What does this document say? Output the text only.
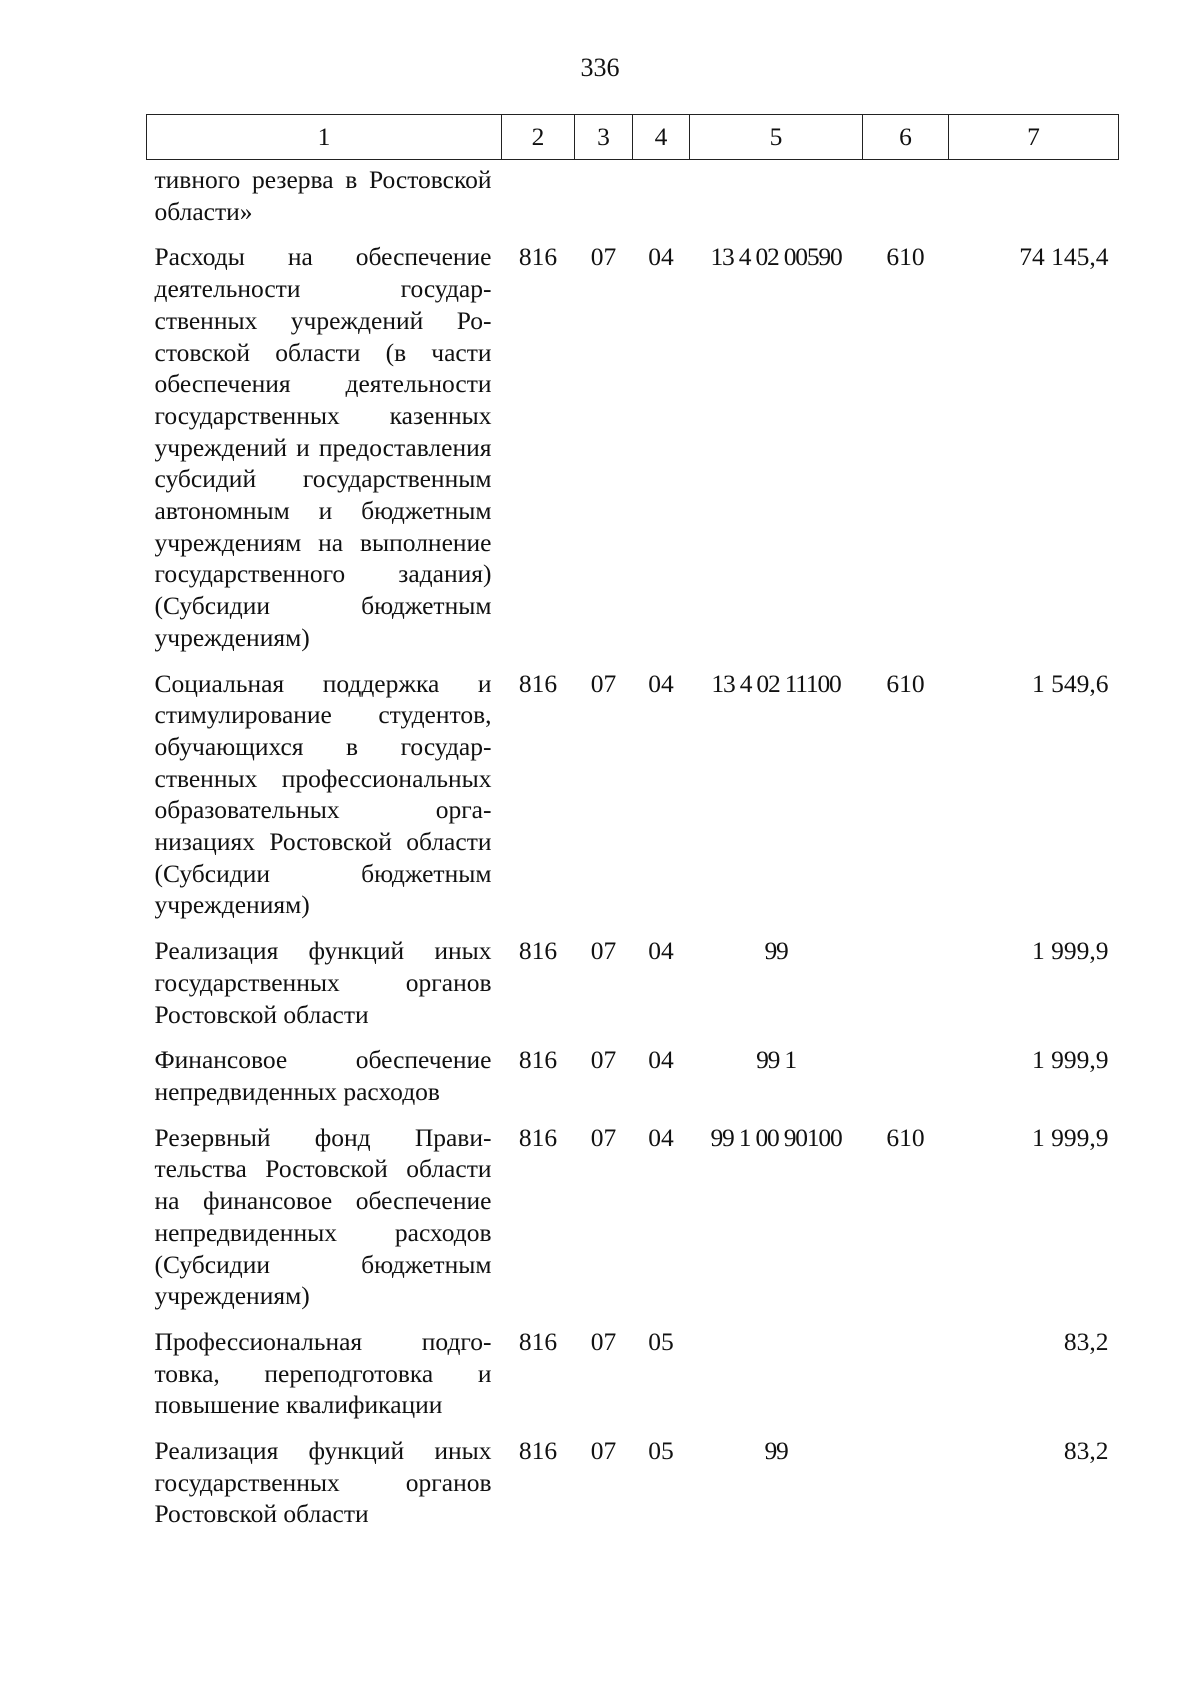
336
1	2	3	4	5	6	7
тивного резерва в Ростовской области»						
Расходы на обеспечение деятельности государственных учреждений Ростовской области (в части обеспечения деятельности государственных казенных учреждений и предоставления субсидий государственным автономным и бюджетным учреждениям на выполнение государственного задания) (Субсидии бюджетным учреждениям)	816	07	04	13 4 02 00590	610	74 145,4
Социальная поддержка и стимулирование студентов, обучающихся в государственных профессиональных образовательных организациях Ростовской области (Субсидии бюджетным учреждениям)	816	07	04	13 4 02 11100	610	1 549,6
Реализация функций иных государственных органов Ростовской области	816	07	04	99		1 999,9
Финансовое обеспечение непредвиденных расходов	816	07	04	99 1		1 999,9
Резервный фонд Правительства Ростовской области на финансовое обеспечение непредвиденных расходов (Субсидии бюджетным учреждениям)	816	07	04	99 1 00 90100	610	1 999,9
Профессиональная подготовка, переподготовка и повышение квалификации	816	07	05			83,2
Реализация функций иных государственных органов Ростовской области	816	07	05	99		83,2
